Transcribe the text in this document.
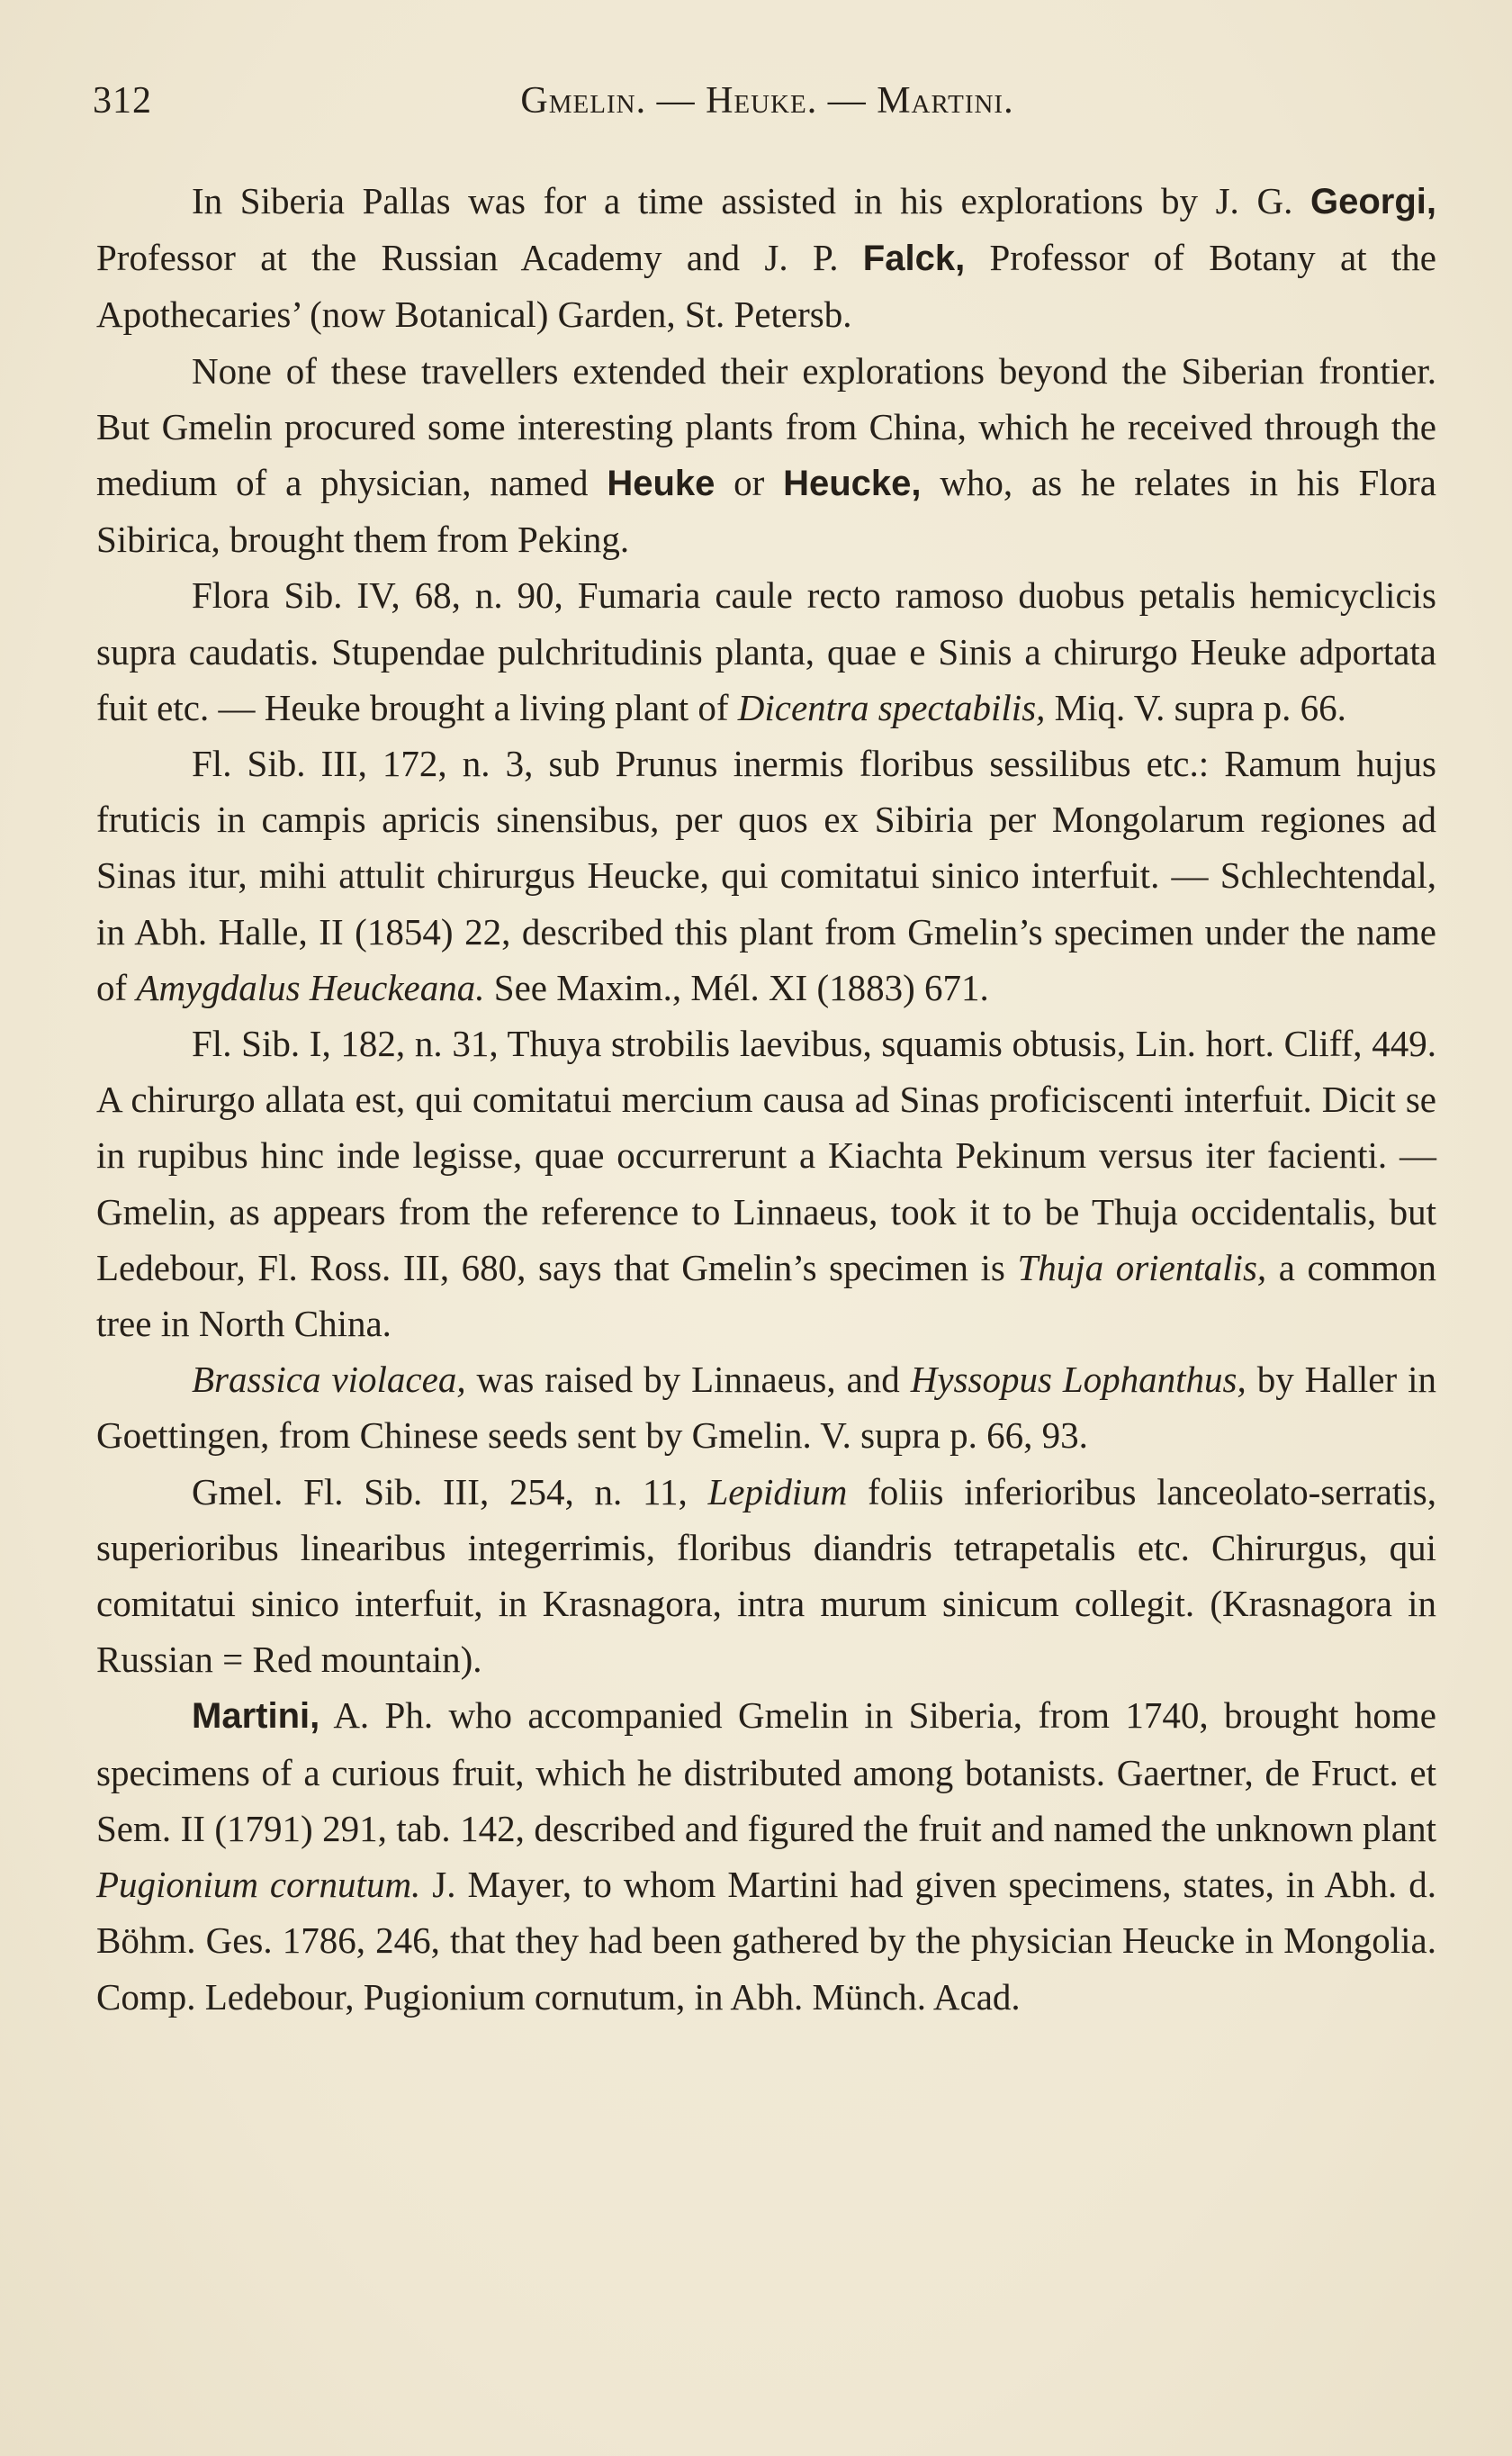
312	Gmelin. — Heuke. — Martini.

In Siberia Pallas was for a time assisted in his explorations by J. G. Georgi, Professor at the Russian Academy and J. P. Falck, Professor of Botany at the Apothecaries’ (now Botanical) Garden, St. Petersb.

None of these travellers extended their explorations beyond the Siberian frontier. But Gmelin procured some interesting plants from China, which he received through the medium of a physician, named Heuke or Heucke, who, as he relates in his Flora Sibirica, brought them from Peking.

Flora Sib. IV, 68, n. 90, Fumaria caule recto ramoso duobus petalis hemicyclicis supra caudatis. Stupendae pulchritudinis planta, quae e Sinis a chirurgo Heuke adportata fuit etc. — Heuke brought a living plant of Dicentra spectabilis, Miq. V. supra p. 66.

Fl. Sib. III, 172, n. 3, sub Prunus inermis floribus sessilibus etc.: Ramum hujus fruticis in campis apricis sinensibus, per quos ex Sibiria per Mongolarum regiones ad Sinas itur, mihi attulit chirurgus Heucke, qui comitatui sinico interfuit. — Schlechtendal, in Abh. Halle, II (1854) 22, described this plant from Gmelin’s specimen under the name of Amygdalus Heuckeana. See Maxim., Mél. XI (1883) 671.

Fl. Sib. I, 182, n. 31, Thuya strobilis laevibus, squamis obtusis, Lin. hort. Cliff, 449. A chirurgo allata est, qui comitatui mercium causa ad Sinas proficiscenti interfuit. Dicit se in rupibus hinc inde legisse, quae occurrerunt a Kiachta Pekinum versus iter facienti. — Gmelin, as appears from the reference to Linnaeus, took it to be Thuja occidentalis, but Ledebour, Fl. Ross. III, 680, says that Gmelin’s specimen is Thuja orientalis, a common tree in North China.

Brassica violacea, was raised by Linnaeus, and Hyssopus Lophanthus, by Haller in Goettingen, from Chinese seeds sent by Gmelin. V. supra p. 66, 93.

Gmel. Fl. Sib. III, 254, n. 11, Lepidium foliis inferioribus lanceolato-serratis, superioribus linearibus integerrimis, floribus diandris tetrapetalis etc. Chirurgus, qui comitatui sinico interfuit, in Krasnagora, intra murum sinicum collegit. (Krasnagora in Russian = Red mountain).

Martini, A. Ph. who accompanied Gmelin in Siberia, from 1740, brought home specimens of a curious fruit, which he distributed among botanists. Gaertner, de Fruct. et Sem. II (1791) 291, tab. 142, described and figured the fruit and named the unknown plant Pugionium cornutum. J. Mayer, to whom Martini had given specimens, states, in Abh. d. Böhm. Ges. 1786, 246, that they had been gathered by the physician Heucke in Mongolia. Comp. Ledebour, Pugionium cornutum, in Abh. Münch. Acad.
